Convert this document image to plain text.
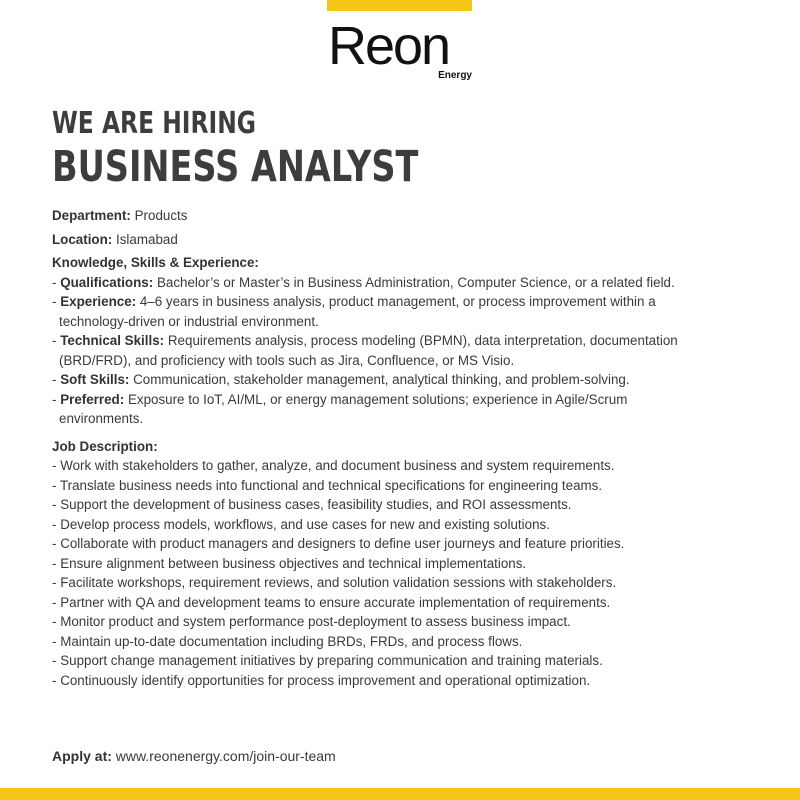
Reon
Energy
WE ARE HIRING
BUSINESS ANALYST
Department: Products
Location: Islamabad
Knowledge, Skills & Experience:
- Qualifications: Bachelor’s or Master’s in Business Administration, Computer Science, or a related field.
- Experience: 4–6 years in business analysis, product management, or process improvement within a
technology-driven or industrial environment.
- Technical Skills: Requirements analysis, process modeling (BPMN), data interpretation, documentation
(BRD/FRD), and proficiency with tools such as Jira, Confluence, or MS Visio.
- Soft Skills: Communication, stakeholder management, analytical thinking, and problem-solving.
- Preferred: Exposure to IoT, AI/ML, or energy management solutions; experience in Agile/Scrum
environments.
Job Description:
- Work with stakeholders to gather, analyze, and document business and system requirements.
- Translate business needs into functional and technical specifications for engineering teams.
- Support the development of business cases, feasibility studies, and ROI assessments.
- Develop process models, workflows, and use cases for new and existing solutions.
- Collaborate with product managers and designers to define user journeys and feature priorities.
- Ensure alignment between business objectives and technical implementations.
- Facilitate workshops, requirement reviews, and solution validation sessions with stakeholders.
- Partner with QA and development teams to ensure accurate implementation of requirements.
- Monitor product and system performance post-deployment to assess business impact.
- Maintain up-to-date documentation including BRDs, FRDs, and process flows.
- Support change management initiatives by preparing communication and training materials.
- Continuously identify opportunities for process improvement and operational optimization.
Apply at: www.reonenergy.com/join-our-team
